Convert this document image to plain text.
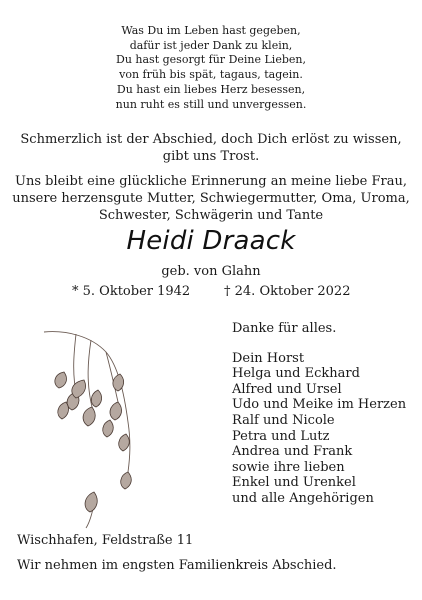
Was Du im Leben hast gegeben,
dafür ist jeder Dank zu klein,
Du hast gesorgt für Deine Lieben,
von früh bis spät, tagaus, tagein.
Du hast ein liebes Herz besessen,
nun ruht es still und unvergessen.
Schmerzlich ist der Abschied, doch Dich erlöst zu wissen,
gibt uns Trost.
Uns bleibt eine glückliche Erinnerung an meine liebe Frau,
unsere herzensgute Mutter, Schwiegermutter, Oma, Uroma,
Schwester, Schwägerin und Tante
Heidi Draack
geb. von Glahn
* 5. Oktober 1942	† 24. Oktober 2022
Danke für alles.
Dein Horst
Helga und Eckhard
Alfred und Ursel
Udo und Meike im Herzen
Ralf und Nicole
Petra und Lutz
Andrea und Frank
sowie ihre lieben
Enkel und Urenkel
und alle Angehörigen
Wischhafen, Feldstraße 11
Wir nehmen im engsten Familienkreis Abschied.
